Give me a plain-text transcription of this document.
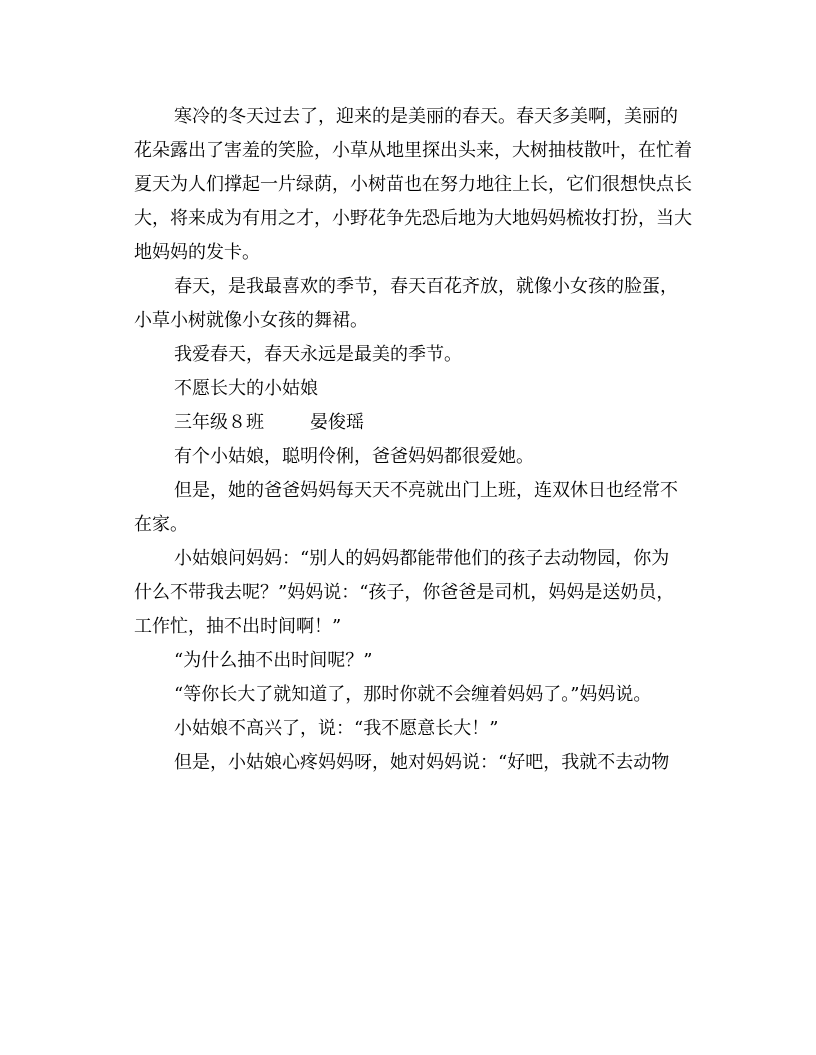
寒冷的冬天过去了，迎来的是美丽的春天。春天多美啊，美丽的
花朵露出了害羞的笑脸，小草从地里探出头来，大树抽枝散叶，在忙着
夏天为人们撑起一片绿荫，小树苗也在努力地往上长，它们很想快点长
大，将来成为有用之才，小野花争先恐后地为大地妈妈梳妆打扮，当大
地妈妈的发卡。
春天，是我最喜欢的季节，春天百花齐放，就像小女孩的脸蛋，
小草小树就像小女孩的舞裙。
我爱春天，春天永远是最美的季节。
不愿长大的小姑娘
三年级８班	晏俊瑶
有个小姑娘，聪明伶俐，爸爸妈妈都很爱她。
但是，她的爸爸妈妈每天天不亮就出门上班，连双休日也经常不
在家。
小姑娘问妈妈：“别人的妈妈都能带他们的孩子去动物园，你为
什么不带我去呢？”妈妈说：“孩子，你爸爸是司机，妈妈是送奶员，
工作忙，抽不出时间啊！”
“为什么抽不出时间呢？”
“等你长大了就知道了，那时你就不会缠着妈妈了。”妈妈说。
小姑娘不高兴了，说：“我不愿意长大！”
但是，小姑娘心疼妈妈呀，她对妈妈说：“好吧，我就不去动物
